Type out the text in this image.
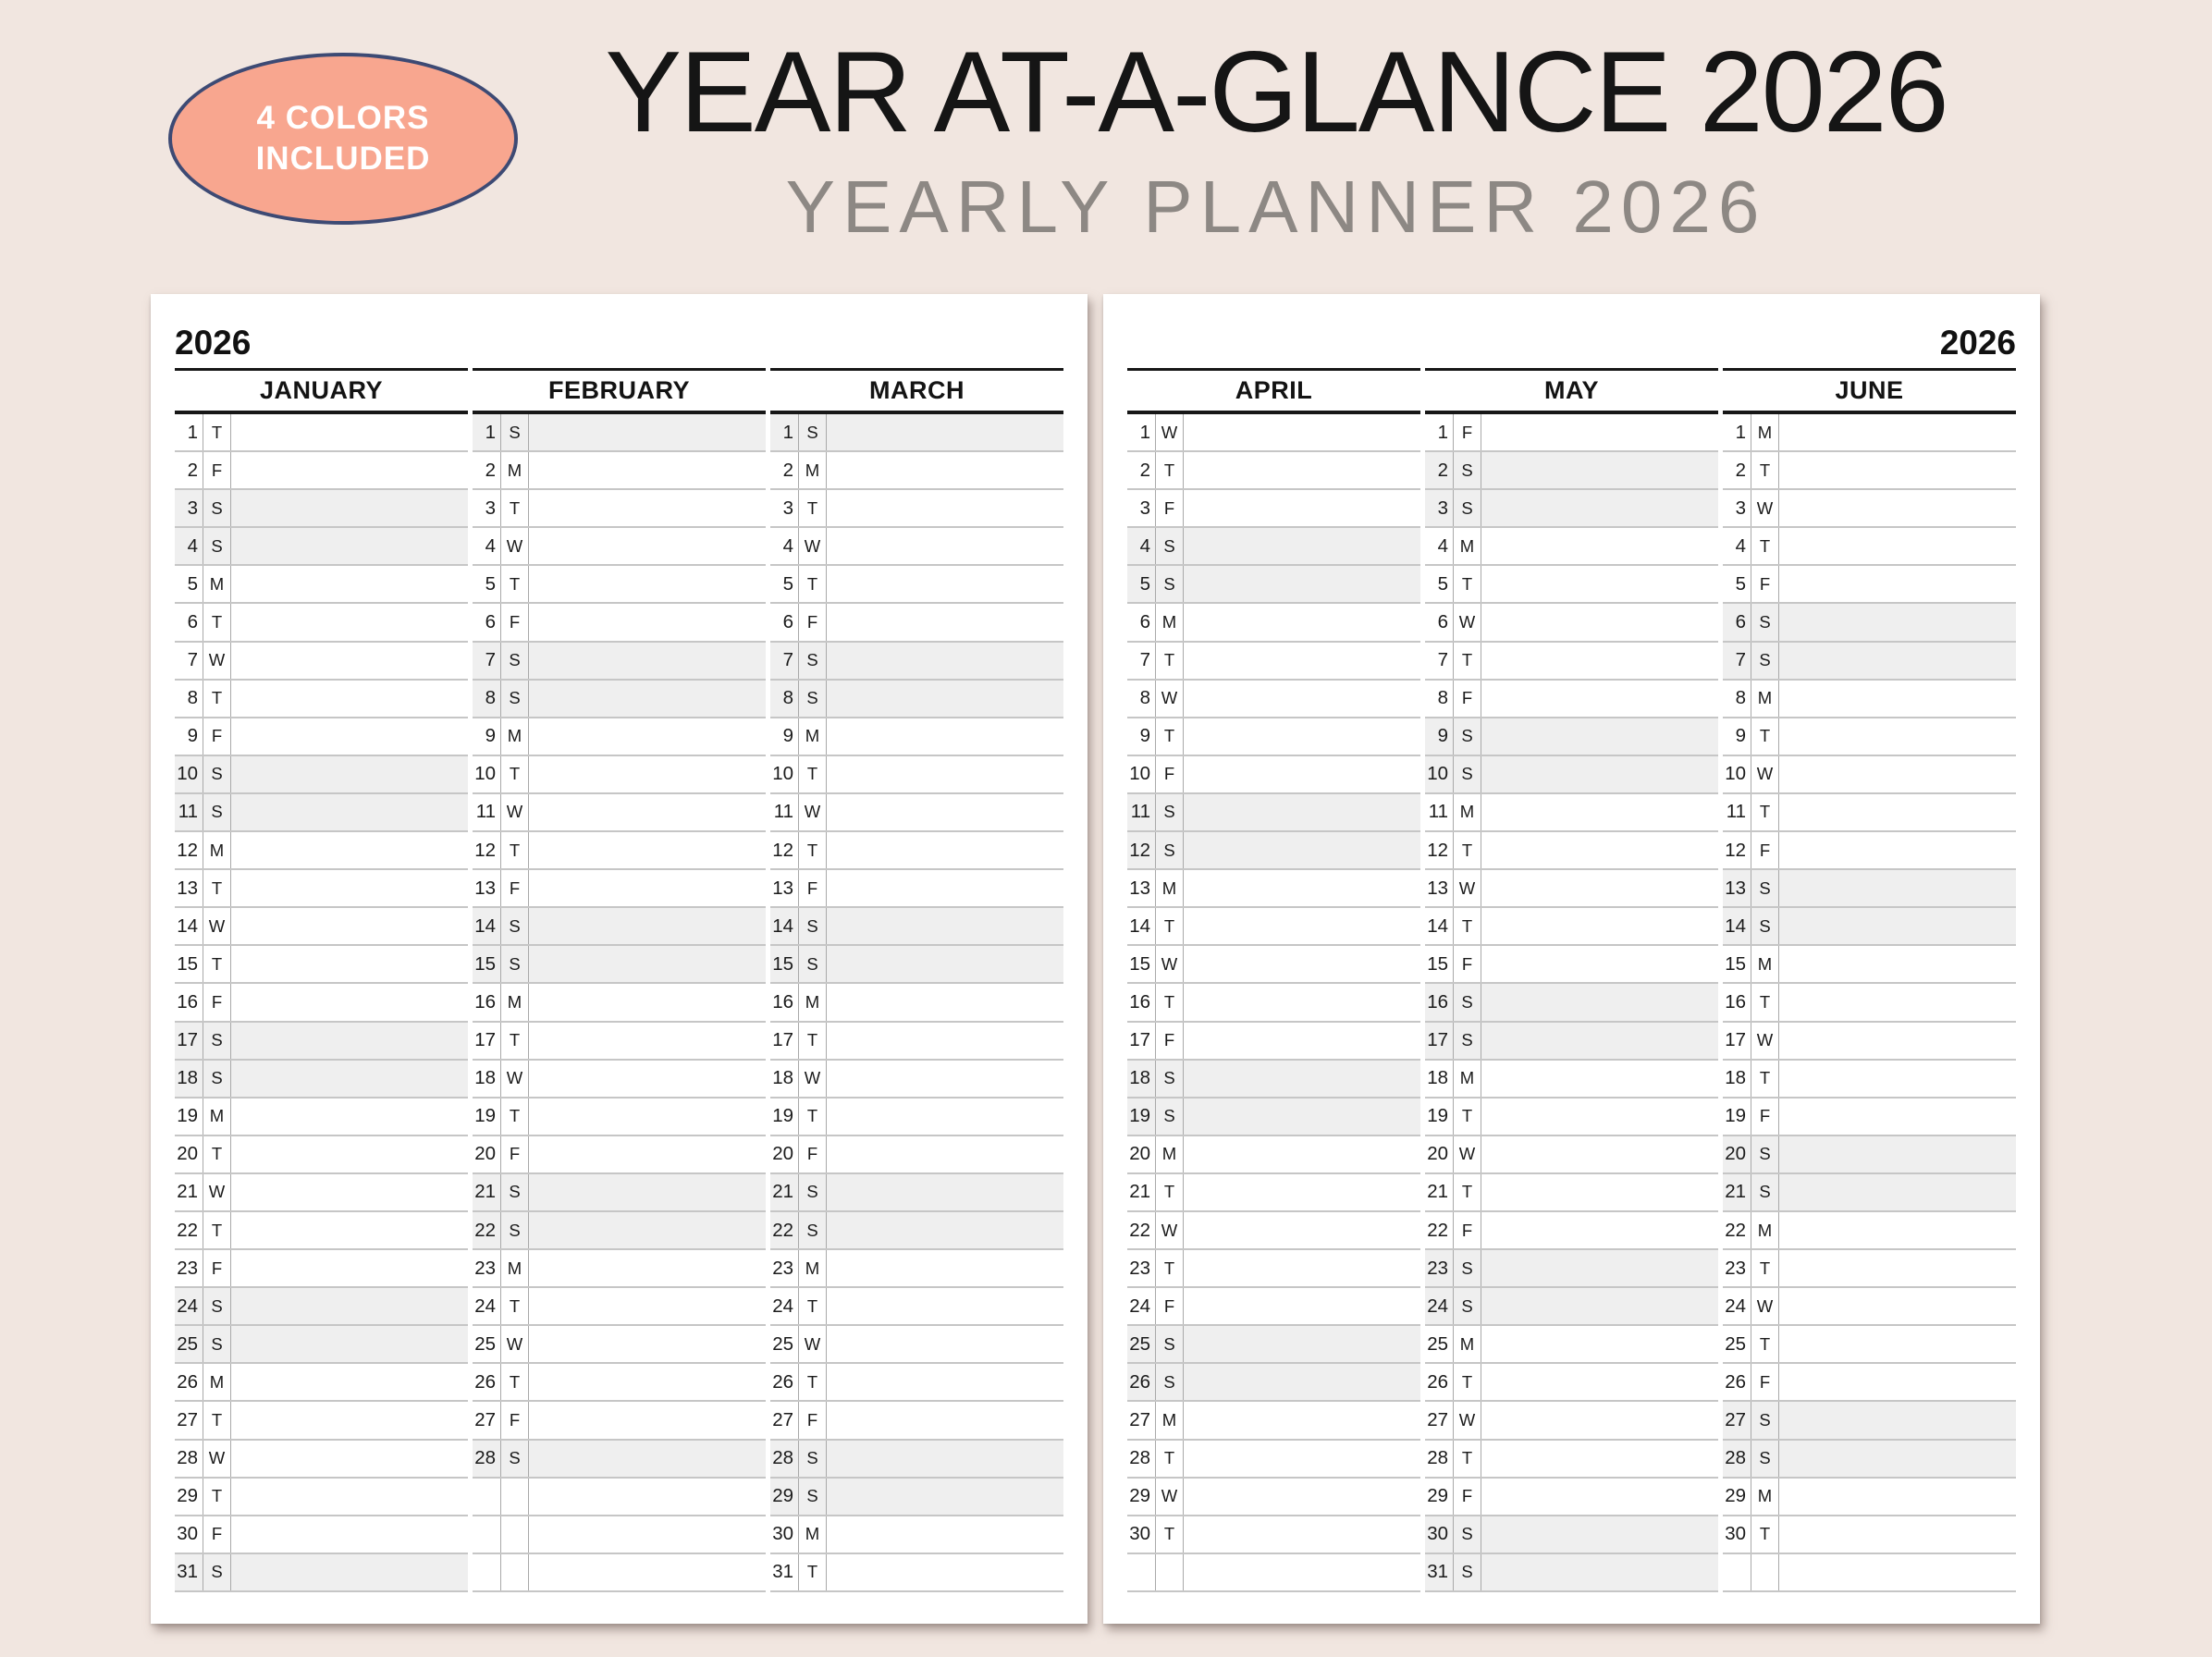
4 COLORS
INCLUDED
YEAR AT-A-GLANCE 2026
YEARLY PLANNER 2026
2026
JANUARY
1 T
2 F
3 S
4 S
5 M
6 T
7 W
8 T
9 F
10 S
11 S
12 M
13 T
14 W
15 T
16 F
17 S
18 S
19 M
20 T
21 W
22 T
23 F
24 S
25 S
26 M
27 T
28 W
29 T
30 F
31 S
FEBRUARY
1 S
2 M
3 T
4 W
5 T
6 F
7 S
8 S
9 M
10 T
11 W
12 T
13 F
14 S
15 S
16 M
17 T
18 W
19 T
20 F
21 S
22 S
23 M
24 T
25 W
26 T
27 F
28 S
MARCH
1 S
2 M
3 T
4 W
5 T
6 F
7 S
8 S
9 M
10 T
11 W
12 T
13 F
14 S
15 S
16 M
17 T
18 W
19 T
20 F
21 S
22 S
23 M
24 T
25 W
26 T
27 F
28 S
29 S
30 M
31 T
2026
APRIL
1 W
2 T
3 F
4 S
5 S
6 M
7 T
8 W
9 T
10 F
11 S
12 S
13 M
14 T
15 W
16 T
17 F
18 S
19 S
20 M
21 T
22 W
23 T
24 F
25 S
26 S
27 M
28 T
29 W
30 T
MAY
1 F
2 S
3 S
4 M
5 T
6 W
7 T
8 F
9 S
10 S
11 M
12 T
13 W
14 T
15 F
16 S
17 S
18 M
19 T
20 W
21 T
22 F
23 S
24 S
25 M
26 T
27 W
28 T
29 F
30 S
31 S
JUNE
1 M
2 T
3 W
4 T
5 F
6 S
7 S
8 M
9 T
10 W
11 T
12 F
13 S
14 S
15 M
16 T
17 W
18 T
19 F
20 S
21 S
22 M
23 T
24 W
25 T
26 F
27 S
28 S
29 M
30 T
